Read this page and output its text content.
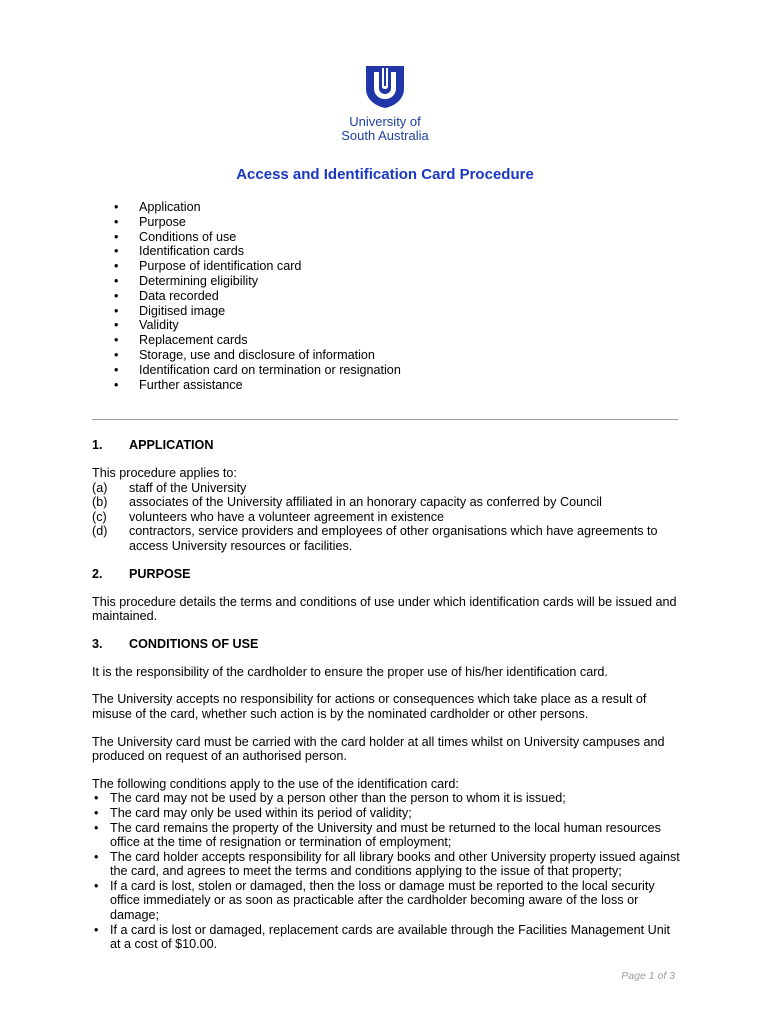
University of
South Australia
Access and Identification Card Procedure
• Application
• Purpose
• Conditions of use
• Identification cards
• Purpose of identification card
• Determining eligibility
• Data recorded
• Digitised image
• Validity
• Replacement cards
• Storage, use and disclosure of information
• Identification card on termination or resignation
• Further assistance
1. APPLICATION
This procedure applies to:
(a) staff of the University
(b) associates of the University affiliated in an honorary capacity as conferred by Council
(c) volunteers who have a volunteer agreement in existence
(d) contractors, service providers and employees of other organisations which have agreements to access University resources or facilities.
2. PURPOSE

This procedure details the terms and conditions of use under which identification cards will be issued and maintained.

3. CONDITIONS OF USE

It is the responsibility of the cardholder to ensure the proper use of his/her identification card.

The University accepts no responsibility for actions or consequences which take place as a result of misuse of the card, whether such action is by the nominated cardholder or other persons.

The University card must be carried with the card holder at all times whilst on University campuses and produced on request of an authorised person.

The following conditions apply to the use of the identification card:
• The card may not be used by a person other than the person to whom it is issued;
• The card may only be used within its period of validity;
• The card remains the property of the University and must be returned to the local human resources office at the time of resignation or termination of employment;
• The card holder accepts responsibility for all library books and other University property issued against the card, and agrees to meet the terms and conditions applying to the issue of that property;
• If a card is lost, stolen or damaged, then the loss or damage must be reported to the local security office immediately or as soon as practicable after the cardholder becoming aware of the loss or damage;
• If a card is lost or damaged, replacement cards are available through the Facilities Management Unit at a cost of $10.00.
Page 1 of 3
